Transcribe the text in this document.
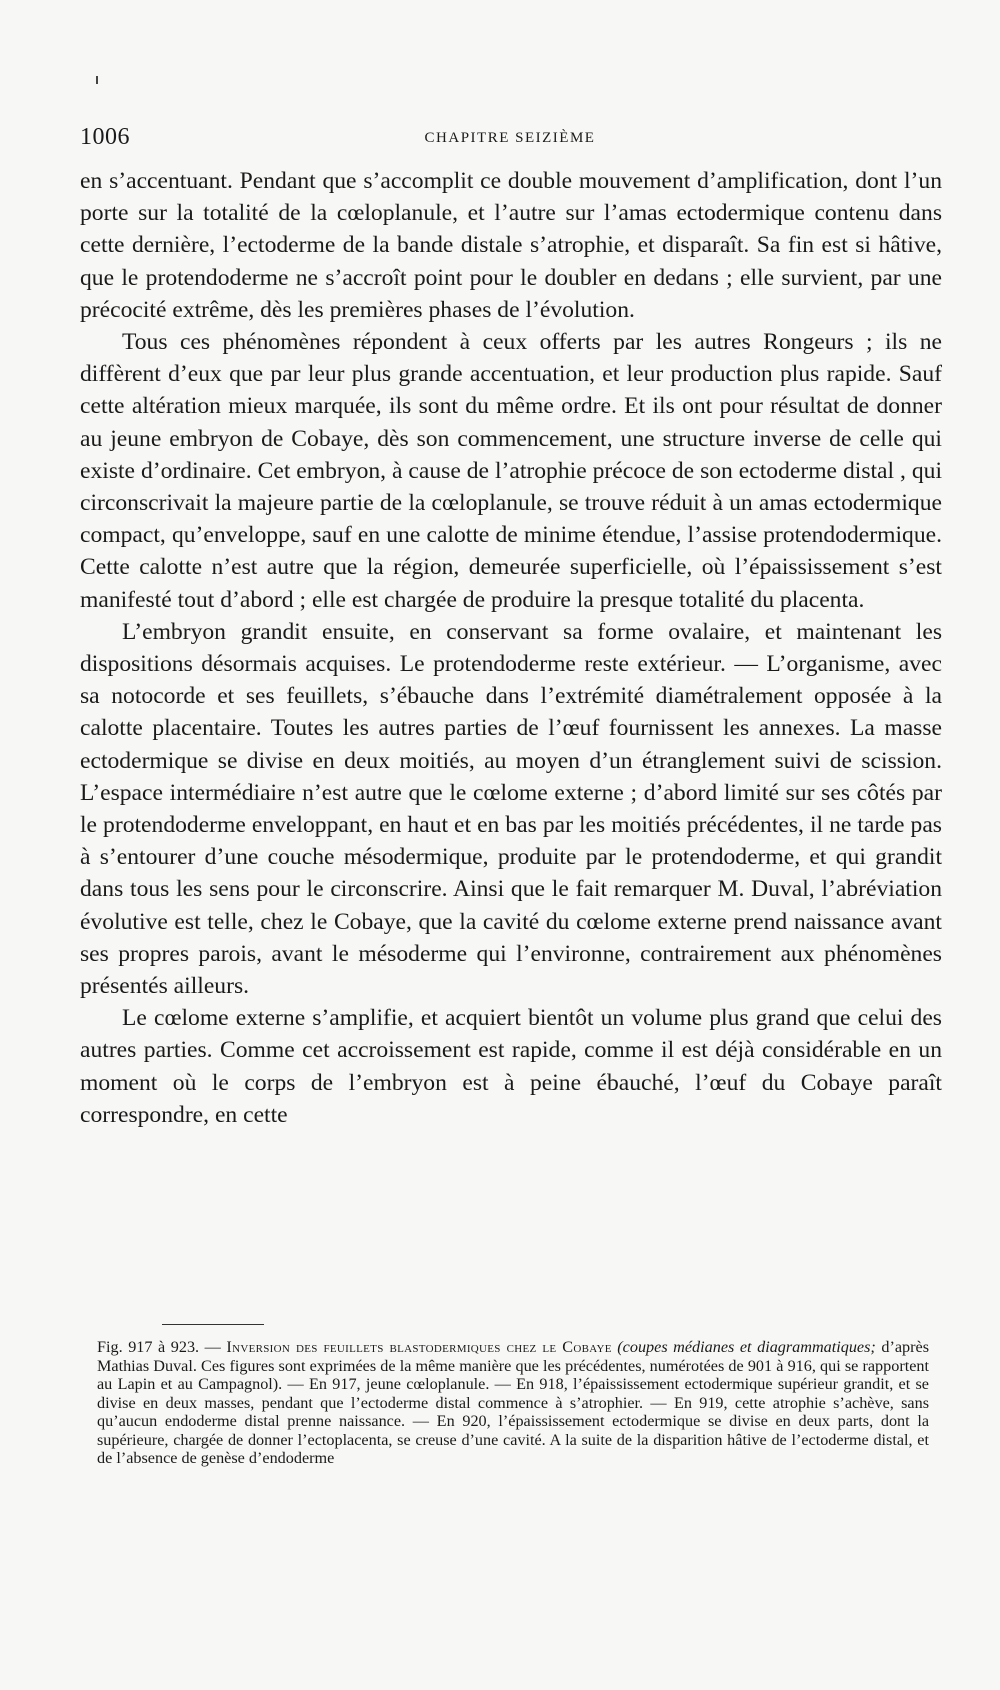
1006	CHAPITRE SEIZIÈME

en s’accentuant. Pendant que s’accomplit ce double mouvement d’amplification, dont l’un porte sur la totalité de la cœloplanule, et l’autre sur l’amas ectodermique contenu dans cette dernière, l’ectoderme de la bande distale s’atrophie, et disparaît. Sa fin est si hâtive, que le protendoderme ne s’accroît point pour le doubler en dedans ; elle survient, par une précocité extrême, dès les premières phases de l’évolution.

Tous ces phénomènes répondent à ceux offerts par les autres Rongeurs ; ils ne diffèrent d’eux que par leur plus grande accentuation, et leur production plus rapide. Sauf cette altération mieux marquée, ils sont du même ordre. Et ils ont pour résultat de donner au jeune embryon de Cobaye, dès son commencement, une structure inverse de celle qui existe d’ordinaire. Cet embryon, à cause de l’atrophie précoce de son ectoderme distal , qui circonscrivait la majeure partie de la cœloplanule, se trouve réduit à un amas ectodermique compact, qu’enveloppe, sauf en une calotte de minime étendue, l’assise protendodermique. Cette calotte n’est autre que la région, demeurée superficielle, où l’épaississement s’est manifesté tout d’abord ; elle est chargée de produire la presque totalité du placenta.

L’embryon grandit ensuite, en conservant sa forme ovalaire, et maintenant les dispositions désormais acquises. Le protendoderme reste extérieur. — L’organisme, avec sa notocorde et ses feuillets, s’ébauche dans l’extrémité diamétralement opposée à la calotte placentaire. Toutes les autres parties de l’œuf fournissent les annexes. La masse ectodermique se divise en deux moitiés, au moyen d’un étranglement suivi de scission. L’espace intermédiaire n’est autre que le cœlome externe ; d’abord limité sur ses côtés par le protendoderme enveloppant, en haut et en bas par les moitiés précédentes, il ne tarde pas à s’entourer d’une couche mésodermique, produite par le protendoderme, et qui grandit dans tous les sens pour le circonscrire. Ainsi que le fait remarquer M. Duval, l’abréviation évolutive est telle, chez le Cobaye, que la cavité du cœlome externe prend naissance avant ses propres parois, avant le mésoderme qui l’environne, contrairement aux phénomènes présentés ailleurs.

Le cœlome externe s’amplifie, et acquiert bientôt un volume plus grand que celui des autres parties. Comme cet accroissement est rapide, comme il est déjà considérable en un moment où le corps de l’embryon est à peine ébauché, l’œuf du Cobaye paraît correspondre, en cette

Fig. 917 à 923. — Inversion des feuillets blastodermiques chez le Cobaye (coupes médianes et diagrammatiques; d’après Mathias Duval. Ces figures sont exprimées de la même manière que les précédentes, numérotées de 901 à 916, qui se rapportent au Lapin et au Campagnol). — En 917, jeune cœloplanule. — En 918, l’épaississement ectodermique supérieur grandit, et se divise en deux masses, pendant que l’ectoderme distal commence à s’atrophier. — En 919, cette atrophie s’achève, sans qu’aucun endoderme distal prenne naissance. — En 920, l’épaississement ectodermique se divise en deux parts, dont la supérieure, chargée de donner l’ectoplacenta, se creuse d’une cavité. A la suite de la disparition hâtive de l’ectoderme distal, et de l’absence de genèse d’endoderme
